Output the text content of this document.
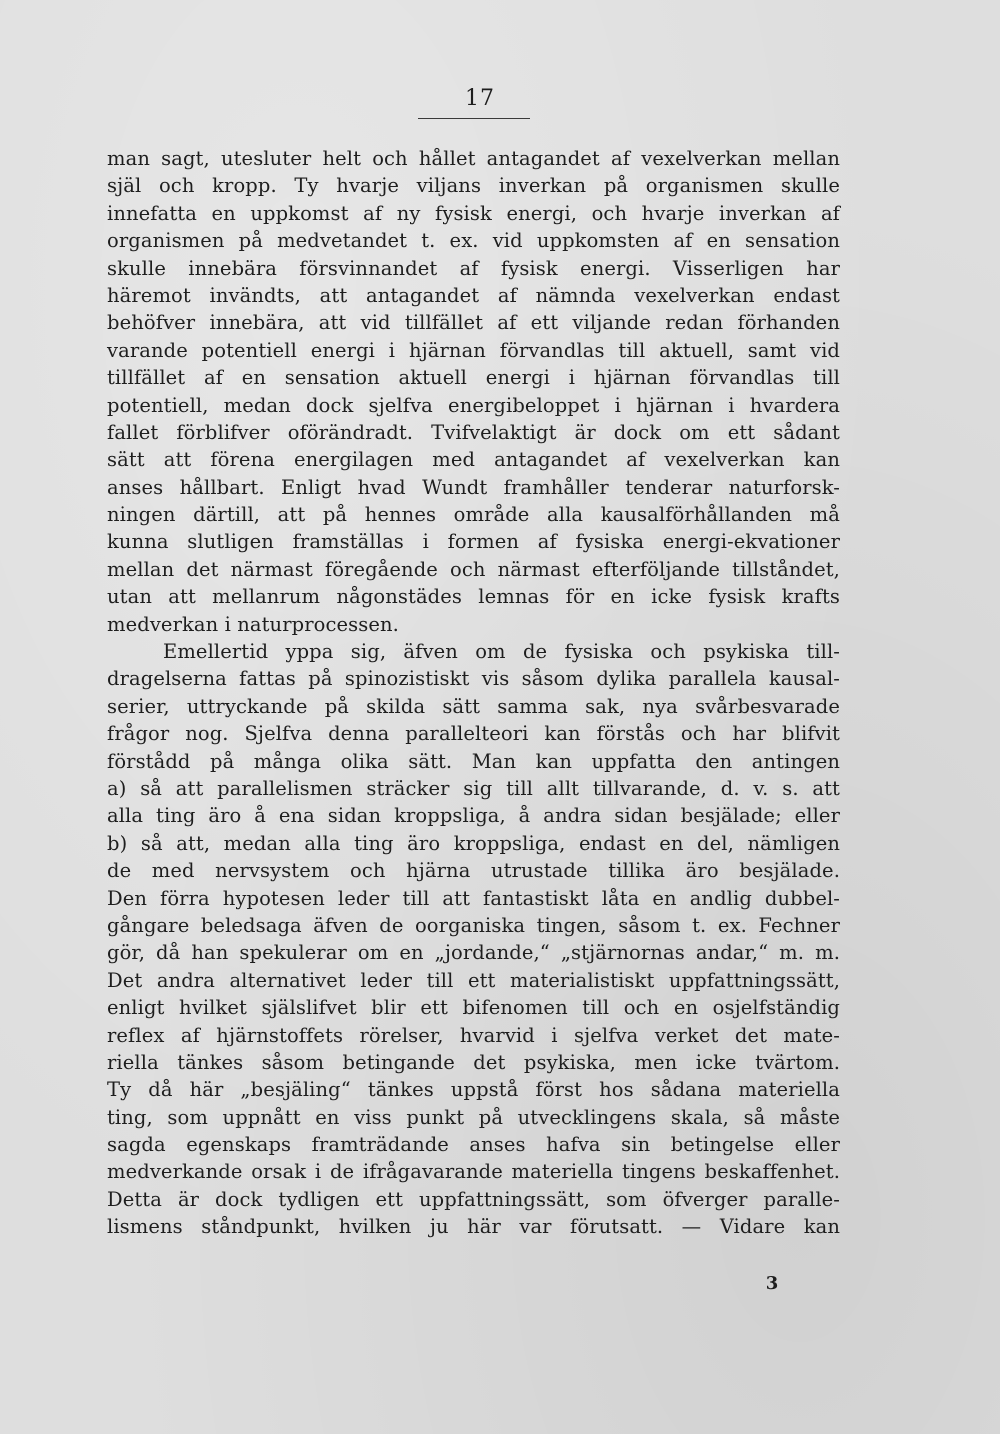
17
man sagt, utesluter helt och hållet antagandet af vexelverkan mellan
själ och kropp. Ty hvarje viljans inverkan på organismen skulle
innefatta en uppkomst af ny fysisk energi, och hvarje inverkan af
organismen på medvetandet t. ex. vid uppkomsten af en sensation
skulle innebära försvinnandet af fysisk energi. Visserligen har
häremot invändts, att antagandet af nämnda vexelverkan endast
behöfver innebära, att vid tillfället af ett viljande redan förhanden
varande potentiell energi i hjärnan förvandlas till aktuell, samt vid
tillfället af en sensation aktuell energi i hjärnan förvandlas till
potentiell, medan dock sjelfva energibeloppet i hjärnan i hvardera
fallet förblifver oförändradt. Tvifvelaktigt är dock om ett sådant
sätt att förena energilagen med antagandet af vexelverkan kan
anses hållbart. Enligt hvad Wundt framhåller tenderar naturforsk-
ningen därtill, att på hennes område alla kausalförhållanden må
kunna slutligen framställas i formen af fysiska energi-ekvationer
mellan det närmast föregående och närmast efterföljande tillståndet,
utan att mellanrum någonstädes lemnas för en icke fysisk krafts
medverkan i naturprocessen.
Emellertid yppa sig, äfven om de fysiska och psykiska till-
dragelserna fattas på spinozistiskt vis såsom dylika parallela kausal-
serier, uttryckande på skilda sätt samma sak, nya svårbesvarade
frågor nog. Sjelfva denna parallelteori kan förstås och har blifvit
förstådd på många olika sätt. Man kan uppfatta den antingen
a) så att parallelismen sträcker sig till allt tillvarande, d. v. s. att
alla ting äro å ena sidan kroppsliga, å andra sidan besjälade; eller
b) så att, medan alla ting äro kroppsliga, endast en del, nämligen
de med nervsystem och hjärna utrustade tillika äro besjälade.
Den förra hypotesen leder till att fantastiskt låta en andlig dubbel-
gångare beledsaga äfven de oorganiska tingen, såsom t. ex. Fechner
gör, då han spekulerar om en „jordande,“ „stjärnornas andar,“ m. m.
Det andra alternativet leder till ett materialistiskt uppfattningssätt,
enligt hvilket själslifvet blir ett bifenomen till och en osjelfständig
reflex af hjärnstoffets rörelser, hvarvid i sjelfva verket det mate-
riella tänkes såsom betingande det psykiska, men icke tvärtom.
Ty då här „besjäling“ tänkes uppstå först hos sådana materiella
ting, som uppnått en viss punkt på utvecklingens skala, så måste
sagda egenskaps framträdande anses hafva sin betingelse eller
medverkande orsak i de ifrågavarande materiella tingens beskaffenhet.
Detta är dock tydligen ett uppfattningssätt, som öfverger paralle-
lismens ståndpunkt, hvilken ju här var förutsatt. — Vidare kan
3
